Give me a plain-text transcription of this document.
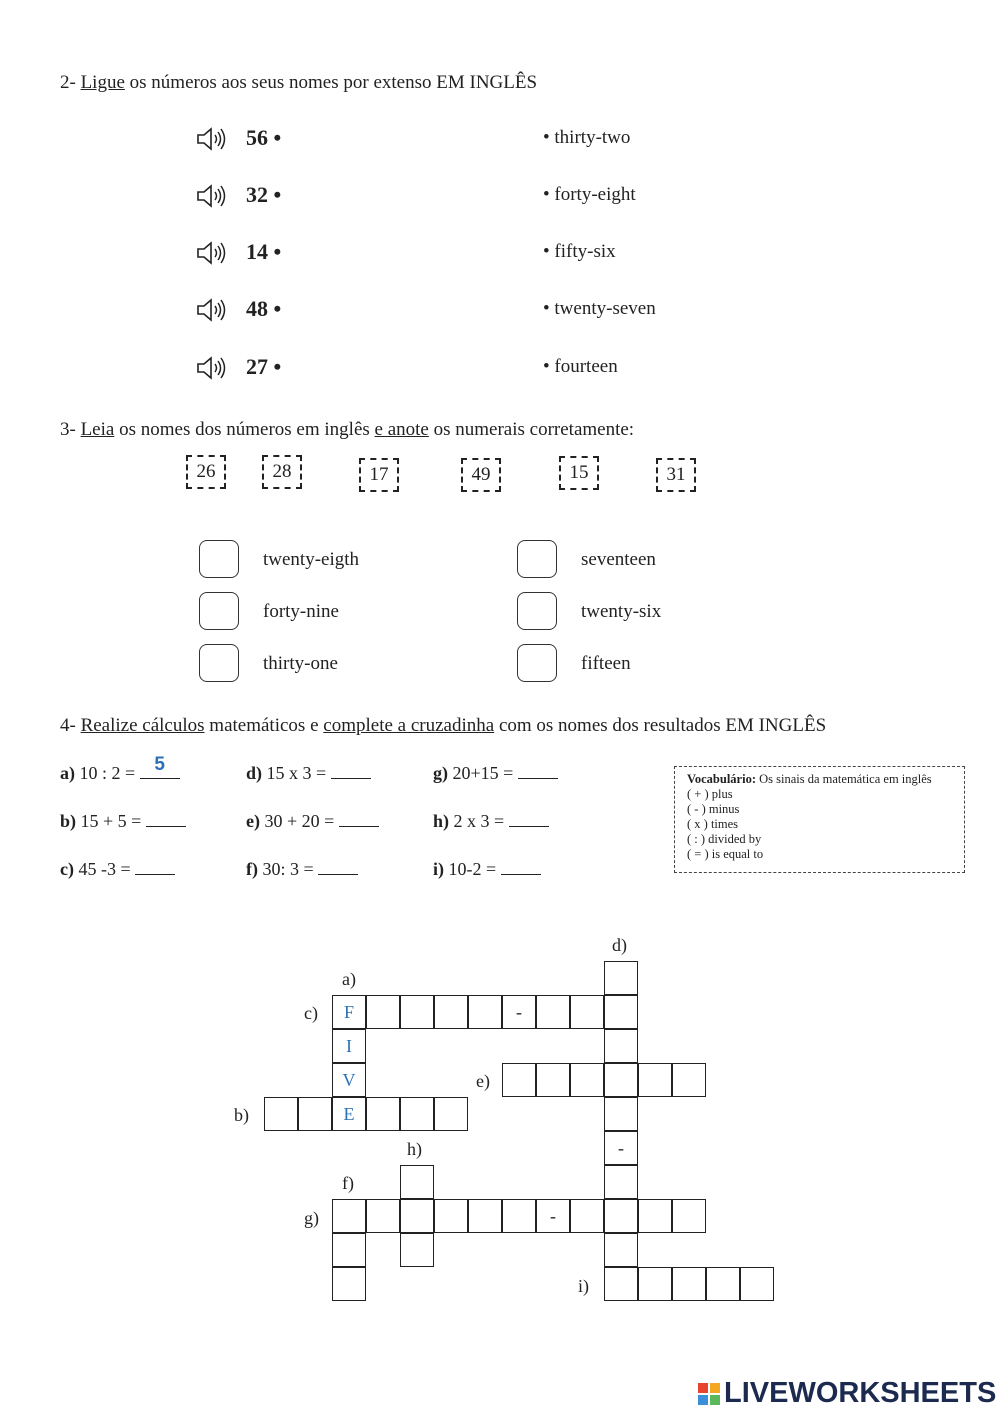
2- Ligue os números aos seus nomes por extenso EM INGLÊS
56 •	• thirty-two
32 •	• forty-eight
14 •	• fifty-six
48 •	• twenty-seven
27 •	• fourteen
3- Leia os nomes dos números em inglês e anote os numerais corretamente:
26	28	17	49	15	31
twenty-eigth	seventeen
forty-nine	twenty-six
thirty-one	fifteen
4- Realize cálculos matemáticos e complete a cruzadinha com os nomes dos resultados EM INGLÊS
a) 10 : 2 =	5
b) 15 + 5 =
c) 45 -3 =
d) 15 x 3 =
e) 30 + 20 =
f) 30: 3 =
g) 20+15 =
h) 2 x 3 =
i) 10-2 =
Vocabulário: Os sinais da matemática em inglês
( + ) plus
( - ) minus
( x ) times
( : ) divided by
( = ) is equal to
F
I
V
E
-
-
-
a)
b)
c)
d)
e)
f)
g)
h)
i)
LIVEWORKSHEETS
